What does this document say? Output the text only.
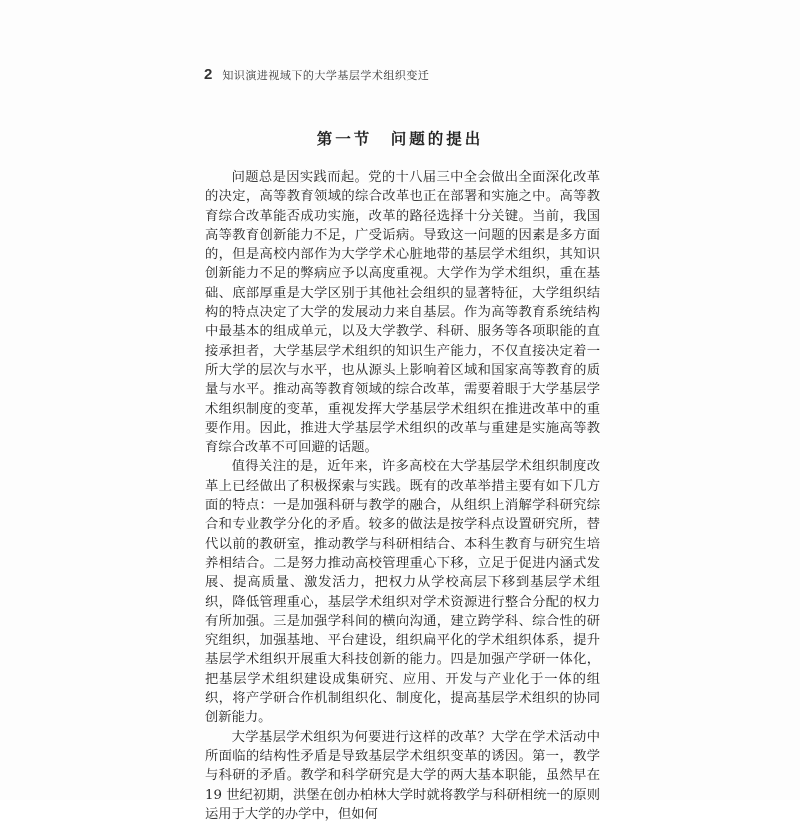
2 知识演进视域下的大学基层学术组织变迁
第一节　问题的提出

问题总是因实践而起。党的十八届三中全会做出全面深化改革的决定，高等教育领域的综合改革也正在部署和实施之中。高等教育综合改革能否成功实施，改革的路径选择十分关键。当前，我国高等教育创新能力不足，广受诟病。导致这一问题的因素是多方面的，但是高校内部作为大学学术心脏地带的基层学术组织，其知识创新能力不足的弊病应予以高度重视。大学作为学术组织，重在基础、底部厚重是大学区别于其他社会组织的显著特征，大学组织结构的特点决定了大学的发展动力来自基层。作为高等教育系统结构中最基本的组成单元，以及大学教学、科研、服务等各项职能的直接承担者，大学基层学术组织的知识生产能力，不仅直接决定着一所大学的层次与水平，也从源头上影响着区域和国家高等教育的质量与水平。推动高等教育领域的综合改革，需要着眼于大学基层学术组织制度的变革，重视发挥大学基层学术组织在推进改革中的重要作用。因此，推进大学基层学术组织的改革与重建是实施高等教育综合改革不可回避的话题。

值得关注的是，近年来，许多高校在大学基层学术组织制度改革上已经做出了积极探索与实践。既有的改革举措主要有如下几方面的特点：一是加强科研与教学的融合，从组织上消解学科研究综合和专业教学分化的矛盾。较多的做法是按学科点设置研究所，替代以前的教研室，推动教学与科研相结合、本科生教育与研究生培养相结合。二是努力推动高校管理重心下移，立足于促进内涵式发展、提高质量、激发活力，把权力从学校高层下移到基层学术组织，降低管理重心，基层学术组织对学术资源进行整合分配的权力有所加强。三是加强学科间的横向沟通，建立跨学科、综合性的研究组织，加强基地、平台建设，组织扁平化的学术组织体系，提升基层学术组织开展重大科技创新的能力。四是加强产学研一体化，把基层学术组织建设成集研究、应用、开发与产业化于一体的组织，将产学研合作机制组织化、制度化，提高基层学术组织的协同创新能力。

大学基层学术组织为何要进行这样的改革？大学在学术活动中所面临的结构性矛盾是导致基层学术组织变革的诱因。第一，教学与科研的矛盾。教学和科学研究是大学的两大基本职能，虽然早在 19 世纪初期，洪堡在创办柏林大学时就将教学与科研相统一的原则运用于大学的办学中，但如何
